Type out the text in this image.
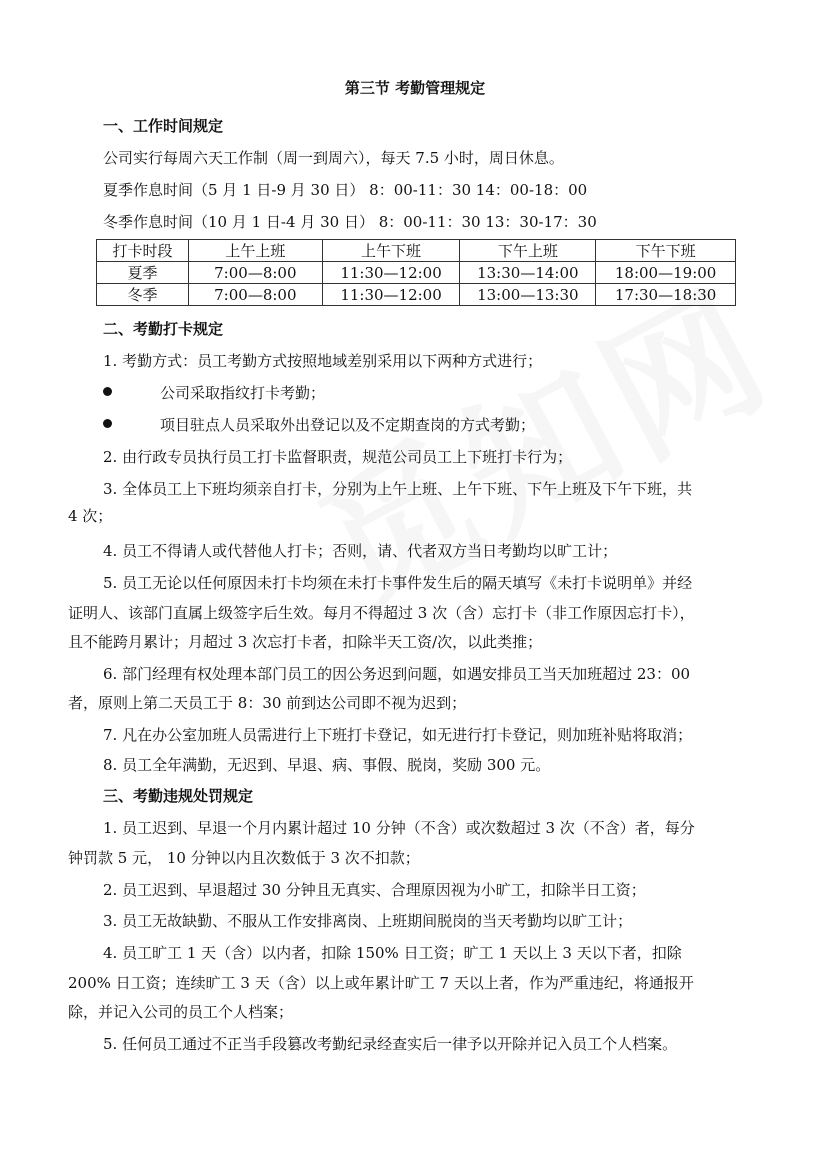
第三节 考勤管理规定
一、工作时间规定
公司实行每周六天工作制（周一到周六），每天 7.5 小时，周日休息。
夏季作息时间（5 月 1 日-9 月 30 日） 8：00-11：30 14：00-18：00
冬季作息时间（10 月 1 日-4 月 30 日） 8：00-11：30 13：30-17：30
打卡时段	上午上班	上午下班	下午上班	下午下班
夏季	7:00—8:00	11:30—12:00	13:30—14:00	18:00—19:00
冬季	7:00—8:00	11:30—12:00	13:00—13:30	17:30—18:30
二、考勤打卡规定
1. 考勤方式：员工考勤方式按照地域差别采用以下两种方式进行；
公司采取指纹打卡考勤；
项目驻点人员采取外出登记以及不定期查岗的方式考勤；
2. 由行政专员执行员工打卡监督职责，规范公司员工上下班打卡行为；
3. 全体员工上下班均须亲自打卡，分别为上午上班、上午下班、下午上班及下午下班，共
4 次；
4. 员工不得请人或代替他人打卡；否则，请、代者双方当日考勤均以旷工计；
5. 员工无论以任何原因未打卡均须在未打卡事件发生后的隔天填写《未打卡说明单》并经
证明人、该部门直属上级签字后生效。每月不得超过 3 次（含）忘打卡（非工作原因忘打卡），
且不能跨月累计；月超过 3 次忘打卡者，扣除半天工资/次，以此类推；
6. 部门经理有权处理本部门员工的因公务迟到问题，如遇安排员工当天加班超过 23：00
者，原则上第二天员工于 8：30 前到达公司即不视为迟到；
7. 凡在办公室加班人员需进行上下班打卡登记，如无进行打卡登记，则加班补贴将取消；
8. 员工全年满勤，无迟到、早退、病、事假、脱岗，奖励 300 元。
三、考勤违规处罚规定
1. 员工迟到、早退一个月内累计超过 10 分钟（不含）或次数超过 3 次（不含）者，每分
钟罚款 5 元， 10 分钟以内且次数低于 3 次不扣款；
2. 员工迟到、早退超过 30 分钟且无真实、合理原因视为小旷工，扣除半日工资；
3. 员工无故缺勤、不服从工作安排离岗、上班期间脱岗的当天考勤均以旷工计；
4. 员工旷工 1 天（含）以内者，扣除 150% 日工资；旷工 1 天以上 3 天以下者，扣除
200% 日工资；连续旷工 3 天（含）以上或年累计旷工 7 天以上者，作为严重违纪，将通报开
除，并记入公司的员工个人档案；
5. 任何员工通过不正当手段篡改考勤纪录经查实后一律予以开除并记入员工个人档案。
